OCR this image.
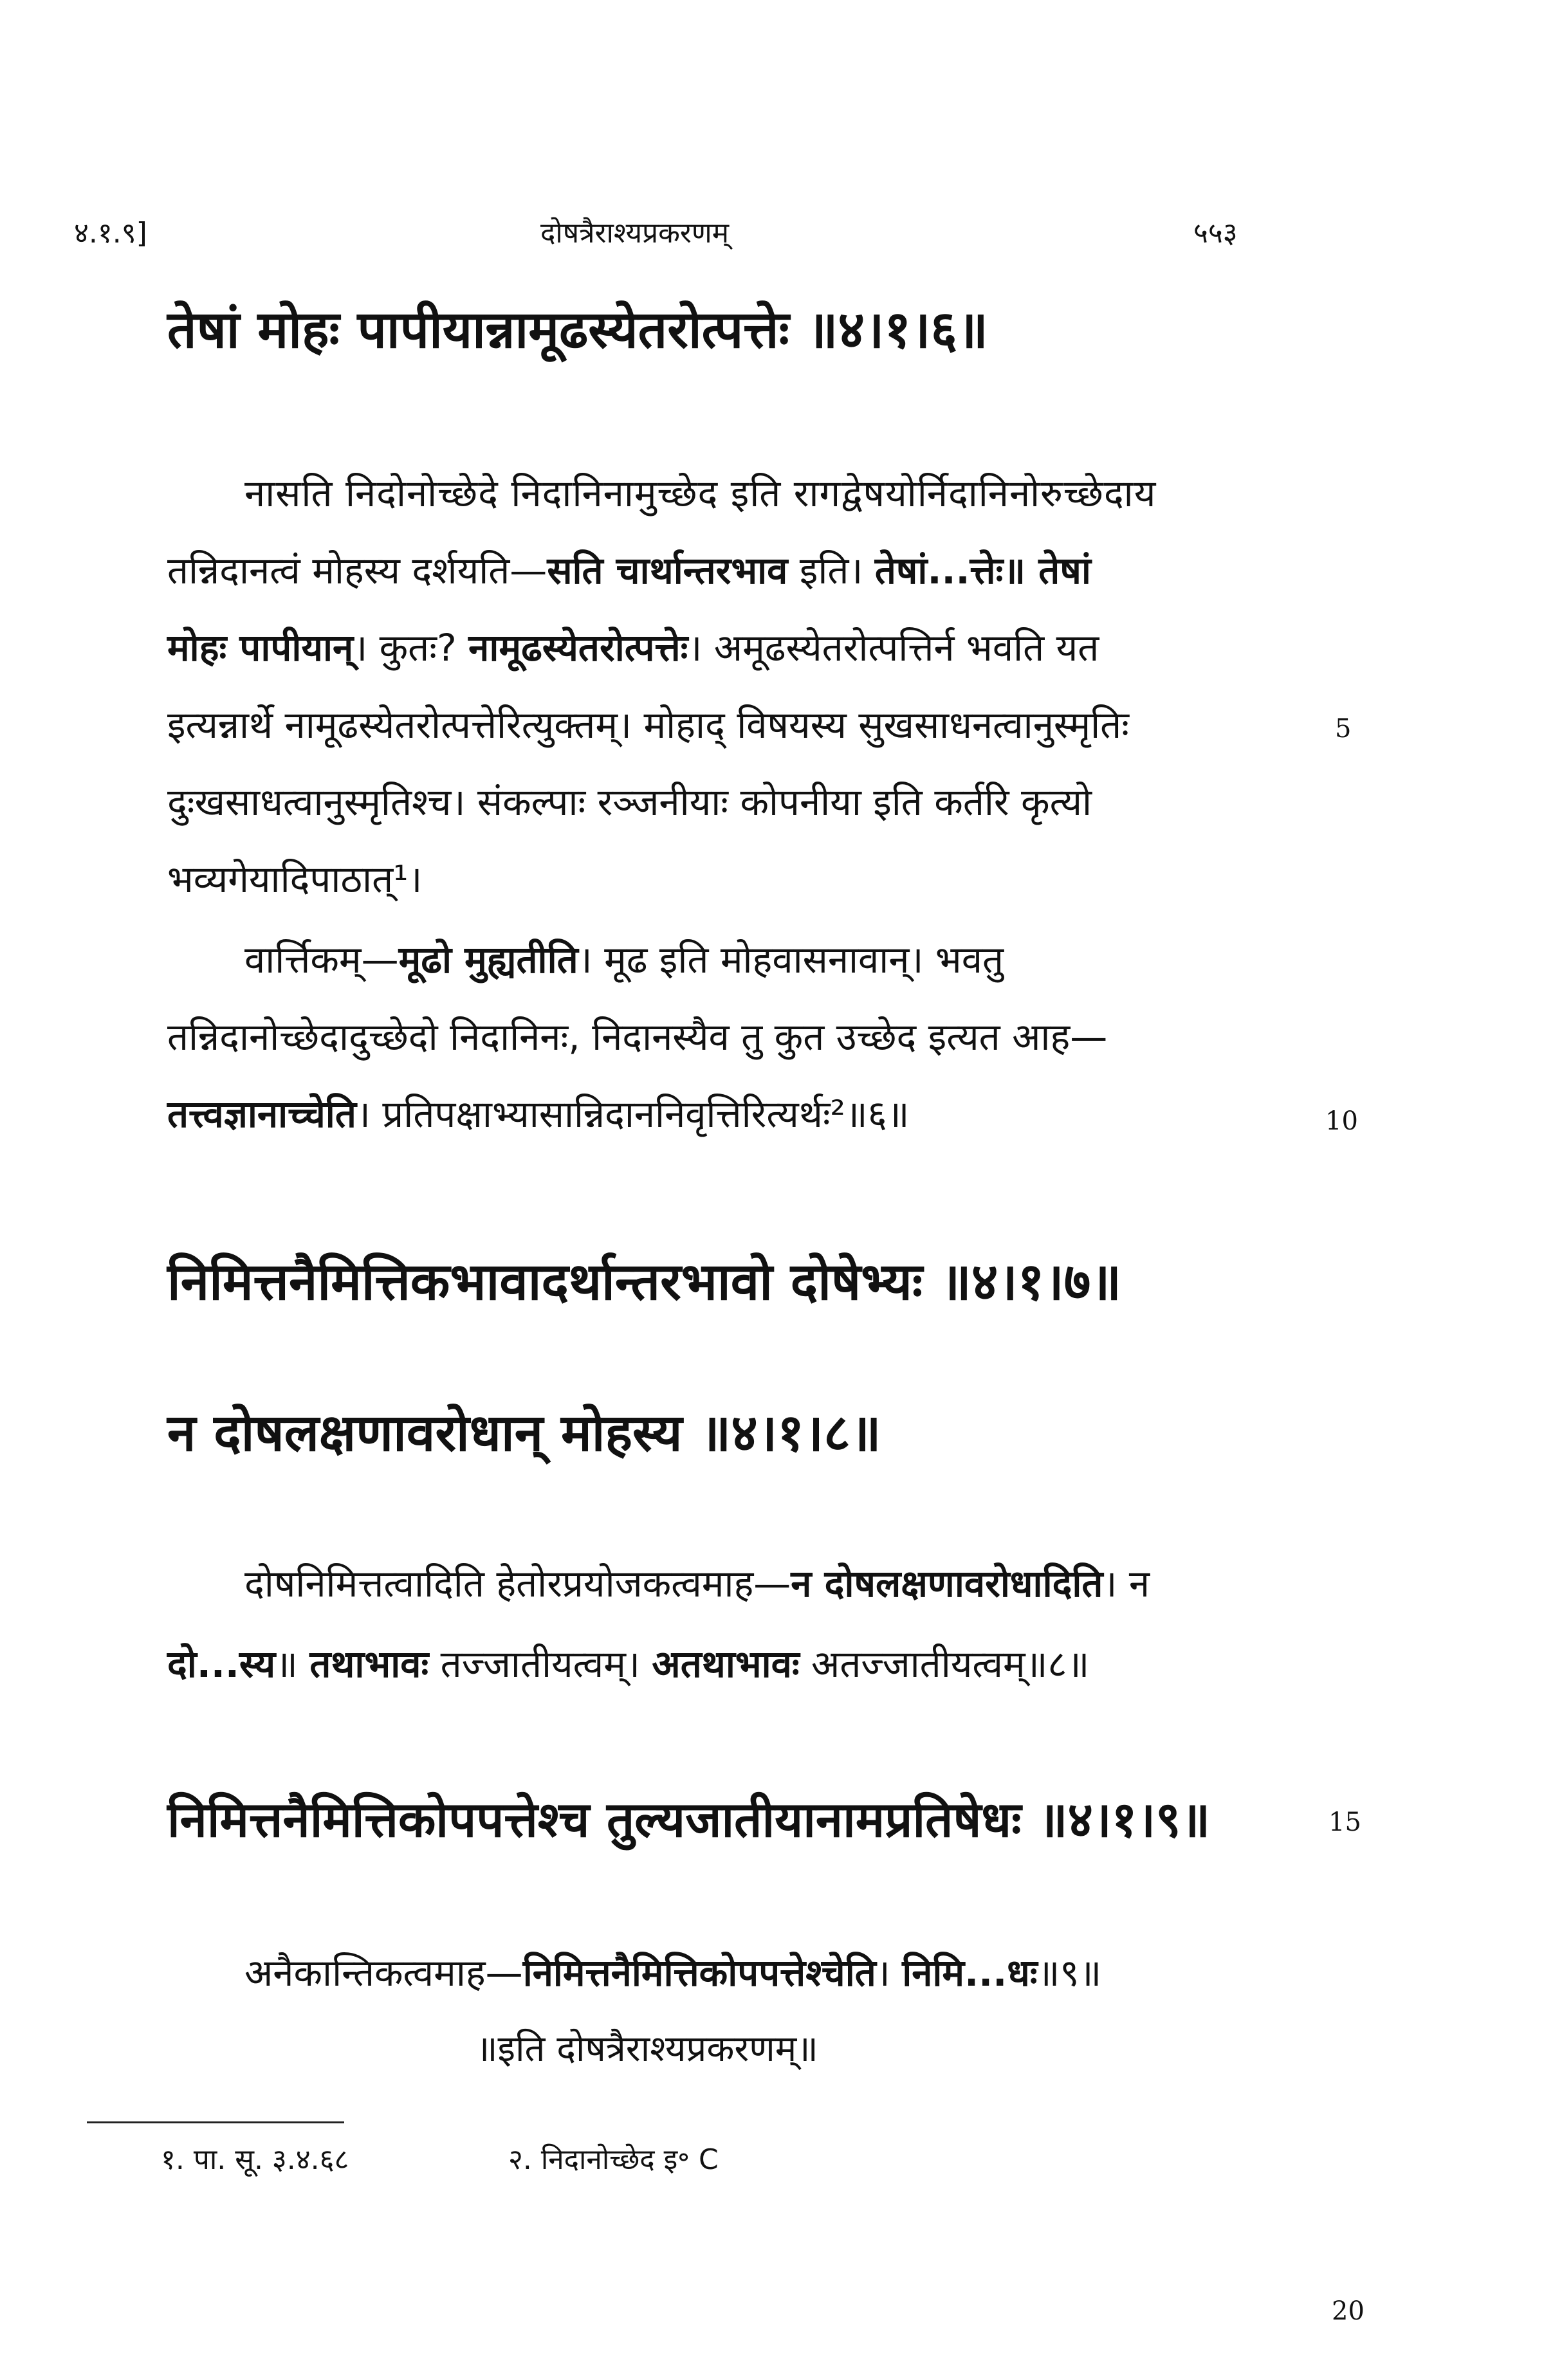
४.१.९]	दोषत्रैराश्यप्रकरणम्	५५३
तेषां मोहः पापीयान्नामूढस्येतरोत्पत्तेः ॥४।१।६॥
नासति निदोनोच्छेदे निदानिनामुच्छेद इति रागद्वेषयोर्निदानिनोरुच्छेदाय
तन्निदानत्वं मोहस्य दर्शयति—सति चार्थान्तरभाव इति। तेषां...त्तेः॥ तेषां
मोहः पापीयान्। कुतः? नामूढस्येतरोत्पत्तेः। अमूढस्येतरोत्पत्तिर्न भवति यत
इत्यन्नार्थे नामूढस्येतरोत्पत्तेरित्युक्तम्। मोहाद् विषयस्य सुखसाधनत्वानुस्मृतिः
दुःखसाधत्वानुस्मृतिश्च। संकल्पाः रञ्जनीयाः कोपनीया इति कर्तरि कृत्यो
भव्यगेयादिपाठात्¹।
वार्त्तिकम्—मूढो मुह्यतीति। मूढ इति मोहवासनावान्। भवतु
तन्निदानोच्छेदादुच्छेदो निदानिनः, निदानस्यैव तु कुत उच्छेद इत्यत आह—
तत्त्वज्ञानाच्चेति। प्रतिपक्षाभ्यासान्निदाननिवृत्तिरित्यर्थः²॥६॥
5
10
15
निमित्तनैमित्तिकभावादर्थान्तरभावो दोषेभ्यः ॥४।१।७॥
न दोषलक्षणावरोधान् मोहस्य ॥४।१।८॥
दोषनिमित्तत्वादिति हेतोरप्रयोजकत्वमाह—न दोषलक्षणावरोधादिति। न
दो...स्य॥ तथाभावः तज्जातीयत्वम्। अतथाभावः अतज्जातीयत्वम्॥८॥
निमित्तनैमित्तिकोपपत्तेश्च तुल्यजातीयानामप्रतिषेधः ॥४।१।९॥
अनैकान्तिकत्वमाह—निमित्तनैमित्तिकोपपत्तेश्चेति। निमि...धः॥९॥
॥इति दोषत्रैराश्यप्रकरणम्॥
१. पा. सू. ३.४.६८	२. निदानोच्छेद इ॰ C
20
